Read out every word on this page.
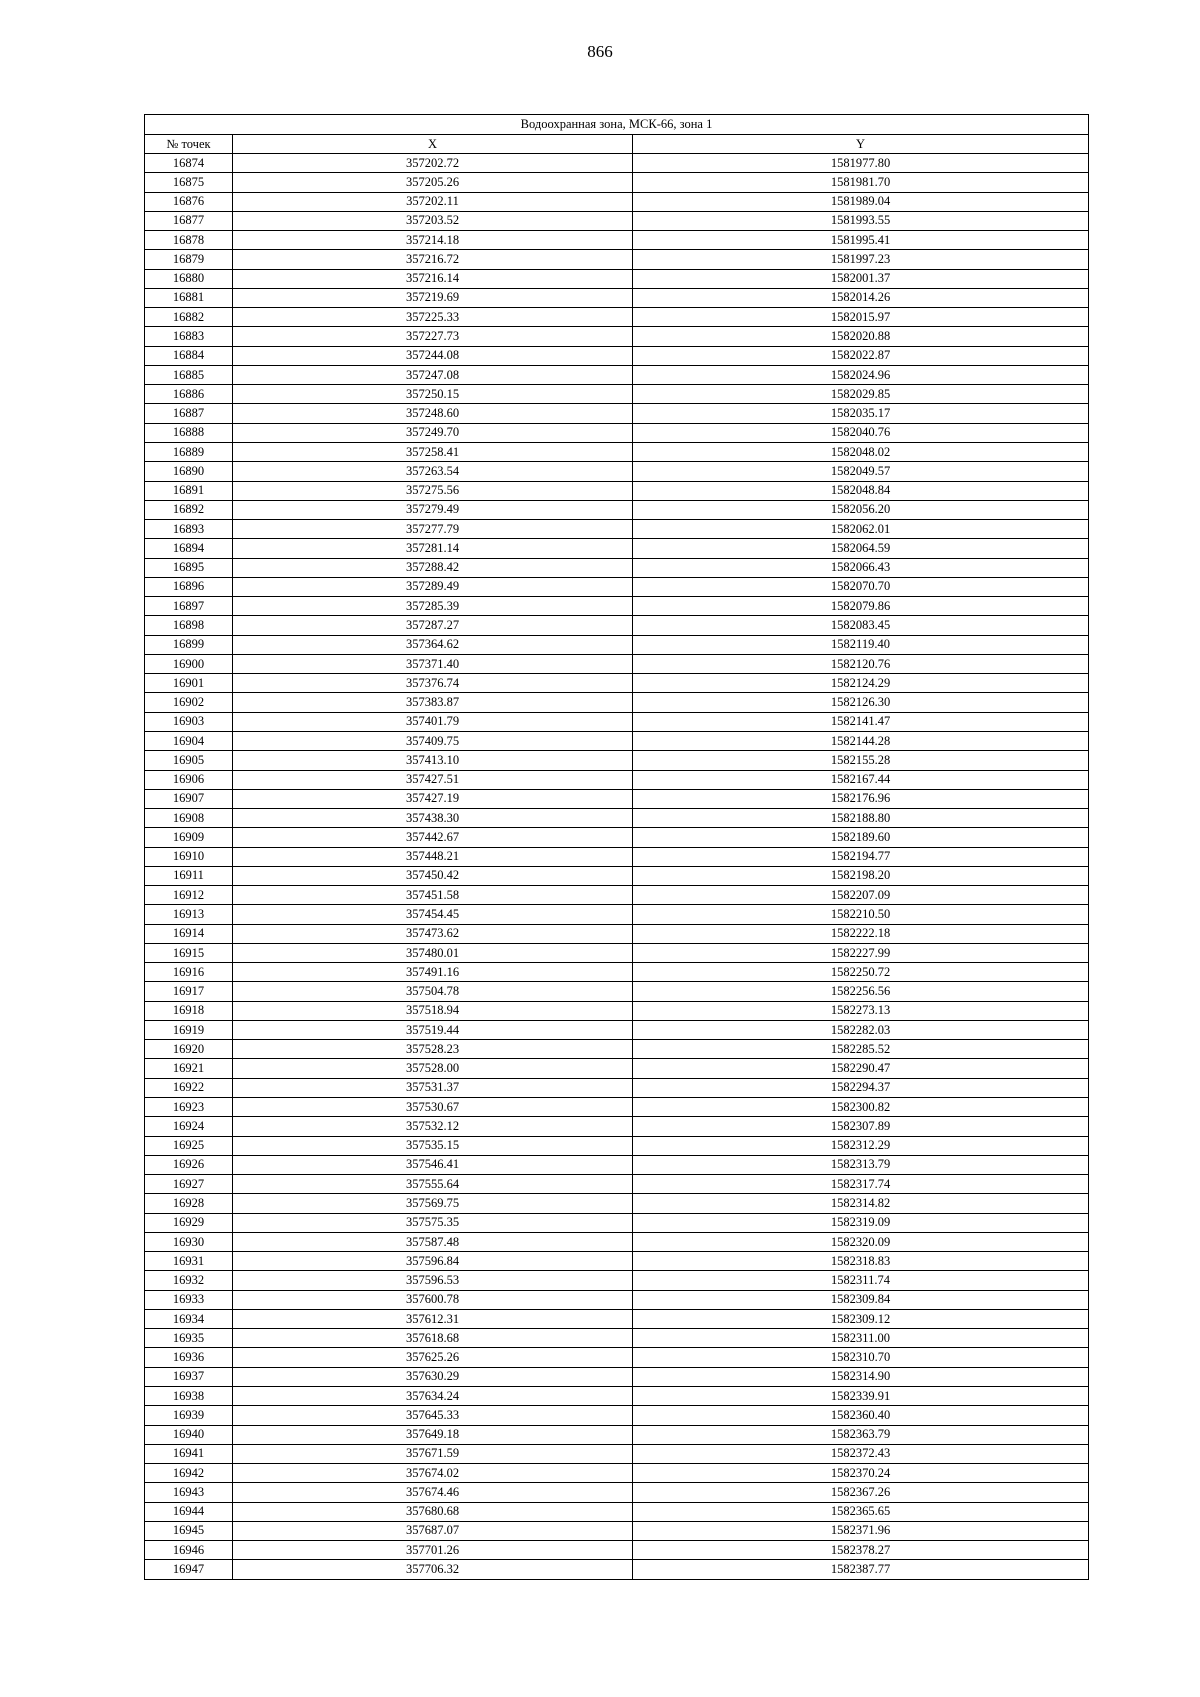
866
Водоохранная зона, МСК-66, зона 1		
№ точек	X	Y
16874	357202.72	1581977.80
16875	357205.26	1581981.70
16876	357202.11	1581989.04
16877	357203.52	1581993.55
16878	357214.18	1581995.41
16879	357216.72	1581997.23
16880	357216.14	1582001.37
16881	357219.69	1582014.26
16882	357225.33	1582015.97
16883	357227.73	1582020.88
16884	357244.08	1582022.87
16885	357247.08	1582024.96
16886	357250.15	1582029.85
16887	357248.60	1582035.17
16888	357249.70	1582040.76
16889	357258.41	1582048.02
16890	357263.54	1582049.57
16891	357275.56	1582048.84
16892	357279.49	1582056.20
16893	357277.79	1582062.01
16894	357281.14	1582064.59
16895	357288.42	1582066.43
16896	357289.49	1582070.70
16897	357285.39	1582079.86
16898	357287.27	1582083.45
16899	357364.62	1582119.40
16900	357371.40	1582120.76
16901	357376.74	1582124.29
16902	357383.87	1582126.30
16903	357401.79	1582141.47
16904	357409.75	1582144.28
16905	357413.10	1582155.28
16906	357427.51	1582167.44
16907	357427.19	1582176.96
16908	357438.30	1582188.80
16909	357442.67	1582189.60
16910	357448.21	1582194.77
16911	357450.42	1582198.20
16912	357451.58	1582207.09
16913	357454.45	1582210.50
16914	357473.62	1582222.18
16915	357480.01	1582227.99
16916	357491.16	1582250.72
16917	357504.78	1582256.56
16918	357518.94	1582273.13
16919	357519.44	1582282.03
16920	357528.23	1582285.52
16921	357528.00	1582290.47
16922	357531.37	1582294.37
16923	357530.67	1582300.82
16924	357532.12	1582307.89
16925	357535.15	1582312.29
16926	357546.41	1582313.79
16927	357555.64	1582317.74
16928	357569.75	1582314.82
16929	357575.35	1582319.09
16930	357587.48	1582320.09
16931	357596.84	1582318.83
16932	357596.53	1582311.74
16933	357600.78	1582309.84
16934	357612.31	1582309.12
16935	357618.68	1582311.00
16936	357625.26	1582310.70
16937	357630.29	1582314.90
16938	357634.24	1582339.91
16939	357645.33	1582360.40
16940	357649.18	1582363.79
16941	357671.59	1582372.43
16942	357674.02	1582370.24
16943	357674.46	1582367.26
16944	357680.68	1582365.65
16945	357687.07	1582371.96
16946	357701.26	1582378.27
16947	357706.32	1582387.77
